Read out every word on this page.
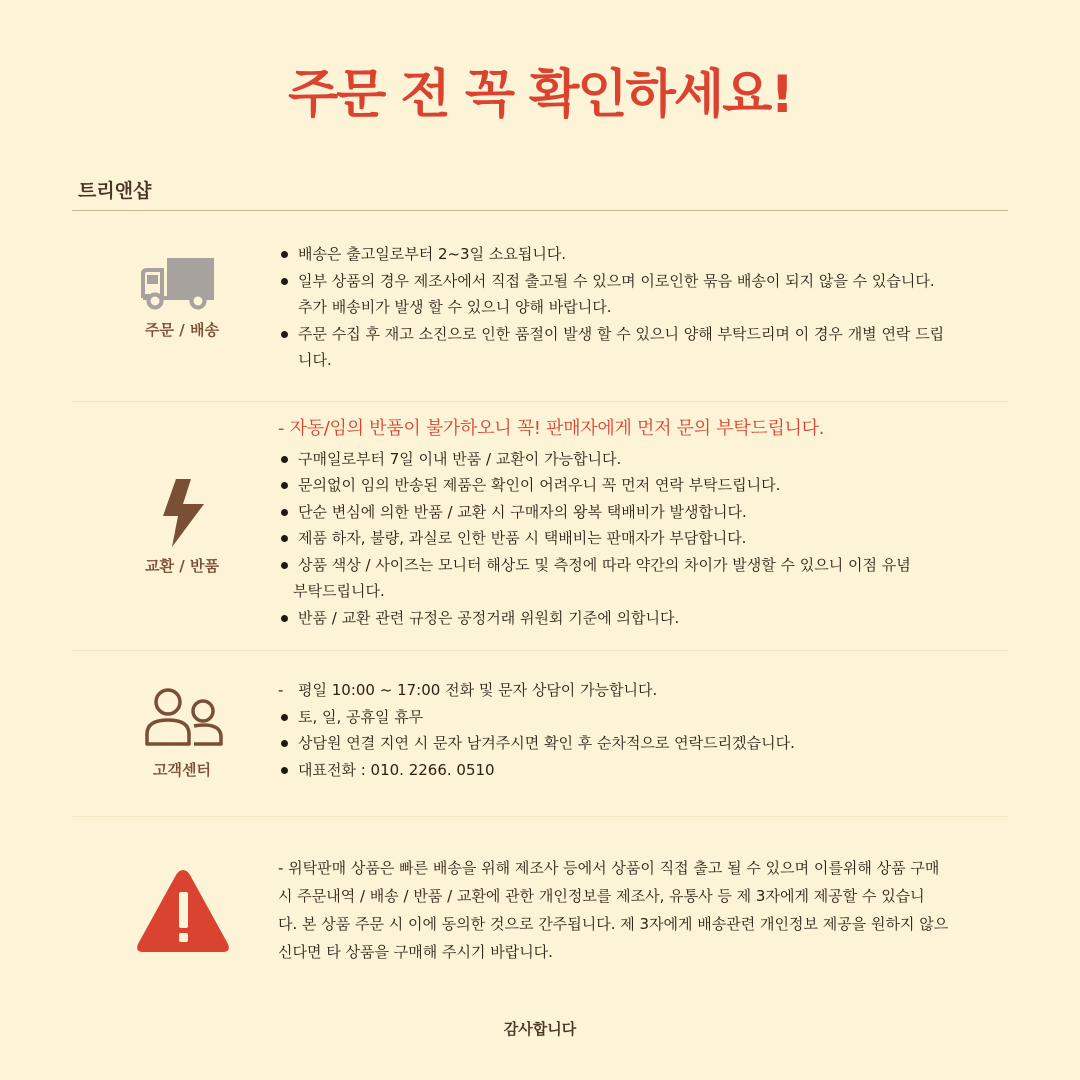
주문 전 꼭 확인하세요!
트리앤샵
주문 / 배송
배송은 출고일로부터 2~3일 소요됩니다.
일부 상품의 경우 제조사에서 직접 출고될 수 있으며 이로인한 묶음 배송이 되지 않을 수 있습니다.
추가 배송비가 발생 할 수 있으니 양해 바랍니다.
주문 수집 후 재고 소진으로 인한 품절이 발생 할 수 있으니 양해 부탁드리며 이 경우 개별 연락 드립
니다.
교환 / 반품
- 자동/임의 반품이 불가하오니 꼭! 판매자에게 먼저 문의 부탁드립니다.
구매일로부터 7일 이내 반품 / 교환이 가능합니다.
문의없이 임의 반송된 제품은 확인이 어려우니 꼭 먼저 연락 부탁드립니다.
단순 변심에 의한 반품 / 교환 시 구매자의 왕복 택배비가 발생합니다.
제품 하자, 불량, 과실로 인한 반품 시 택배비는 판매자가 부담합니다.
상품 색상 / 사이즈는 모니터 해상도 및 측정에 따라 약간의 차이가 발생할 수 있으니 이점 유념
부탁드립니다.
반품 / 교환 관련 규정은 공정거래 위원회 기준에 의합니다.
고객센터
- 평일 10:00 ~ 17:00 전화 및 문자 상담이 가능합니다.
토, 일, 공휴일 휴무
상담원 연결 지연 시 문자 남겨주시면 확인 후 순차적으로 연락드리겠습니다.
대표전화 : 010. 2266. 0510
- 위탁판매 상품은 빠른 배송을 위해 제조사 등에서 상품이 직접 출고 될 수 있으며 이를위해 상품 구매
시 주문내역 / 배송 / 반품 / 교환에 관한 개인정보를 제조사, 유통사 등 제 3자에게 제공할 수 있습니
다. 본 상품 주문 시 이에 동의한 것으로 간주됩니다. 제 3자에게 배송관련 개인정보 제공을 원하지 않으
신다면 타 상품을 구매해 주시기 바랍니다.
감사합니다
